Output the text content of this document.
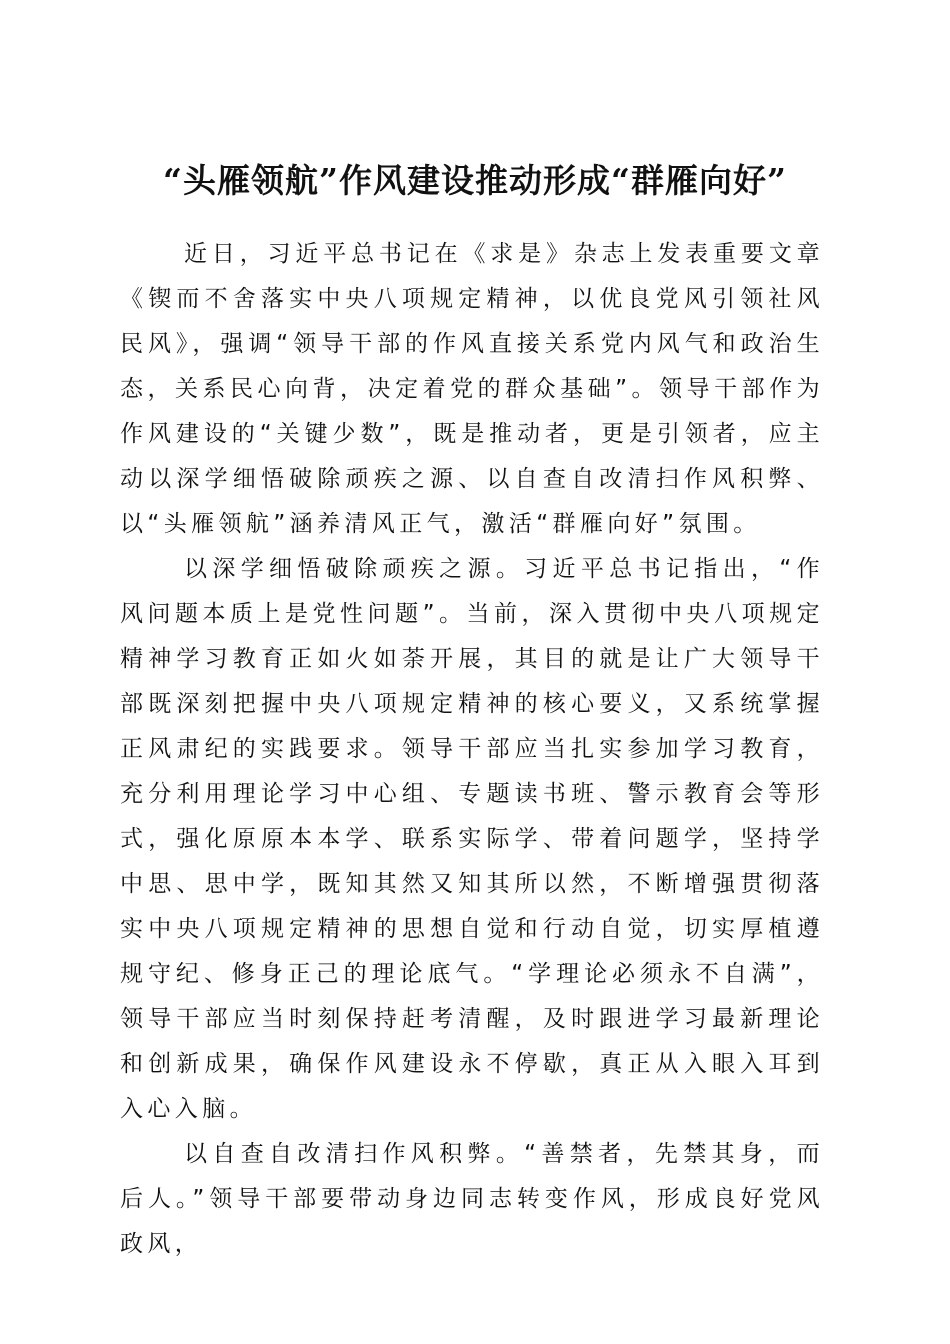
“头雁领航”作风建设推动形成“群雁向好”

近日，习近平总书记在《求是》杂志上发表重要文章《锲而不舍落实中央八项规定精神，以优良党风引领社风民风》，强调“领导干部的作风直接关系党内风气和政治生态，关系民心向背，决定着党的群众基础”。领导干部作为作风建设的“关键少数”，既是推动者，更是引领者，应主动以深学细悟破除顽疾之源、以自查自改清扫作风积弊、以“头雁领航”涵养清风正气，激活“群雁向好”氛围。

以深学细悟破除顽疾之源。习近平总书记指出，“作风问题本质上是党性问题”。当前，深入贯彻中央八项规定精神学习教育正如火如荼开展，其目的就是让广大领导干部既深刻把握中央八项规定精神的核心要义，又系统掌握正风肃纪的实践要求。领导干部应当扎实参加学习教育，充分利用理论学习中心组、专题读书班、警示教育会等形式，强化原原本本学、联系实际学、带着问题学，坚持学中思、思中学，既知其然又知其所以然，不断增强贯彻落实中央八项规定精神的思想自觉和行动自觉，切实厚植遵规守纪、修身正己的理论底气。“学理论必须永不自满”，领导干部应当时刻保持赶考清醒，及时跟进学习最新理论和创新成果，确保作风建设永不停歇，真正从入眼入耳到入心入脑。

以自查自改清扫作风积弊。“善禁者，先禁其身，而后人。”领导干部要带动身边同志转变作风，形成良好党风政风，
